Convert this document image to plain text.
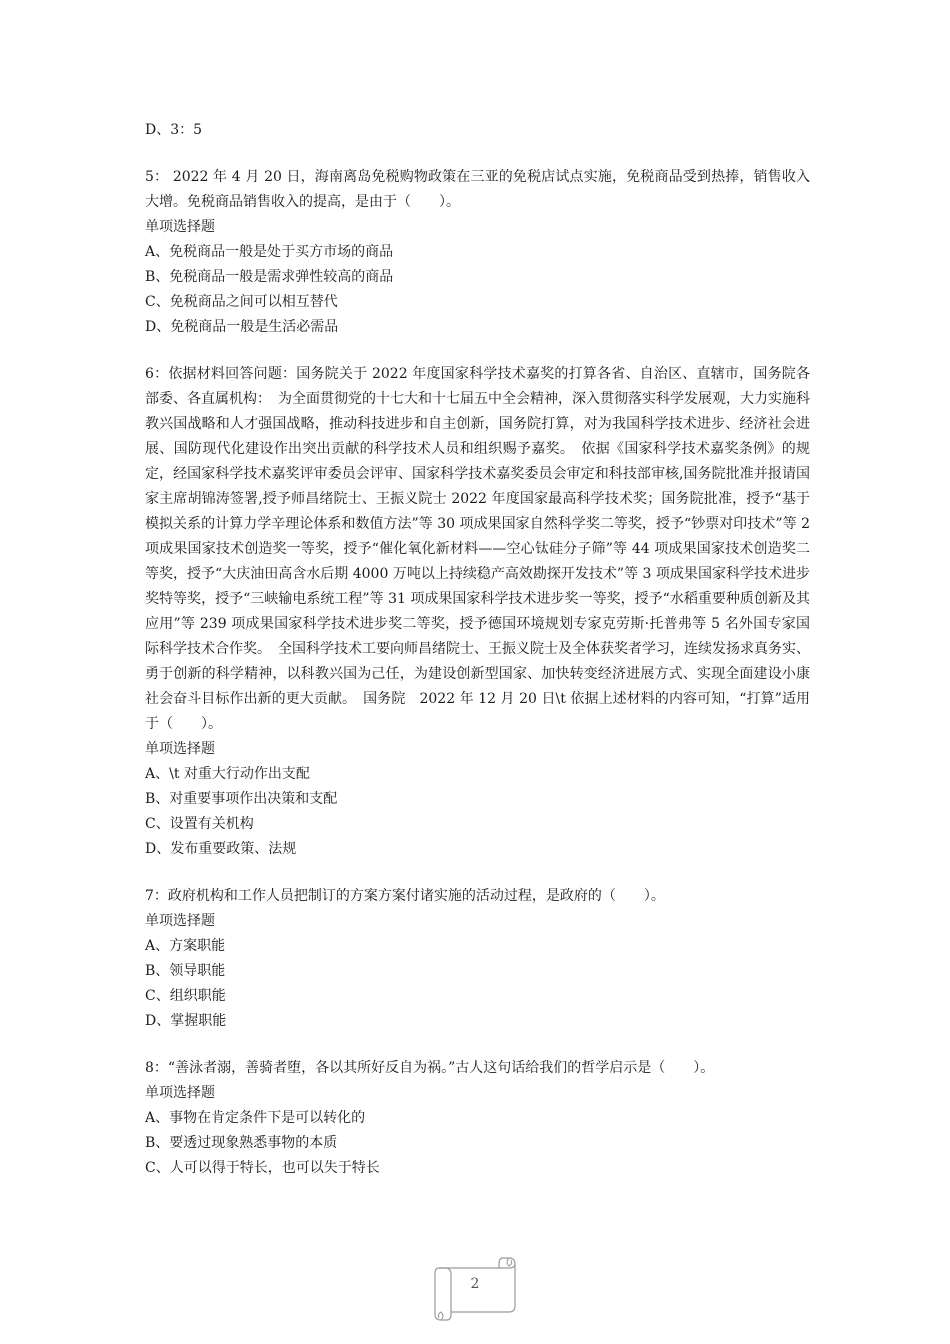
D、3：5
5： 2022 年 4 月 20 日，海南离岛免税购物政策在三亚的免税店试点实施，免税商品受到热捧，销售收入大增。免税商品销售收入的提高，是由于（　　）。
单项选择题
A、免税商品一般是处于买方市场的商品
B、免税商品一般是需求弹性较高的商品
C、免税商品之间可以相互替代
D、免税商品一般是生活必需品
6：依据材料回答问题：国务院关于 2022 年度国家科学技术嘉奖的打算各省、自治区、直辖市，国务院各部委、各直属机构：　为全面贯彻党的十七大和十七届五中全会精神，深入贯彻落实科学发展观，大力实施科教兴国战略和人才强国战略，推动科技进步和自主创新，国务院打算，对为我国科学技术进步、经济社会进展、国防现代化建设作出突出贡献的科学技术人员和组织赐予嘉奖。　依据《国家科学技术嘉奖条例》的规定，经国家科学技术嘉奖评审委员会评审、国家科学技术嘉奖委员会审定和科技部审核,国务院批准并报请国家主席胡锦涛签署,授予师昌绪院士、王振义院士 2022 年度国家最高科学技术奖；国务院批准，授予“基于模拟关系的计算力学辛理论体系和数值方法”等 30 项成果国家自然科学奖二等奖，授予“钞票对印技术”等 2 项成果国家技术创造奖一等奖，授予“催化氧化新材料——空心钛硅分子筛”等 44 项成果国家技术创造奖二等奖，授予“大庆油田高含水后期 4000 万吨以上持续稳产高效勘探开发技术”等 3 项成果国家科学技术进步奖特等奖，授予“三峡输电系统工程”等 31 项成果国家科学技术进步奖一等奖，授予“水稻重要种质创新及其应用”等 239 项成果国家科学技术进步奖二等奖，授予德国环境规划专家克劳斯·托普弗等 5 名外国专家国际科学技术合作奖。　全国科学技术工要向师昌绪院士、王振义院士及全体获奖者学习，连续发扬求真务实、勇于创新的科学精神，以科教兴国为己任，为建设创新型国家、加快转变经济进展方式、实现全面建设小康社会奋斗目标作出新的更大贡献。　国务院　2022 年 12 月 20 日\t 依据上述材料的内容可知，“打算”适用于（　　）。
单项选择题
A、\t 对重大行动作出支配
B、对重要事项作出决策和支配
C、设置有关机构
D、发布重要政策、法规
7：政府机构和工作人员把制订的方案方案付诸实施的活动过程，是政府的（　　）。
单项选择题
A、方案职能
B、领导职能
C、组织职能
D、掌握职能
8：“善泳者溺，善骑者堕，各以其所好反自为祸。”古人这句话给我们的哲学启示是（　　）。
单项选择题
A、事物在肯定条件下是可以转化的
B、要透过现象熟悉事物的本质
C、人可以得于特长，也可以失于特长
2
